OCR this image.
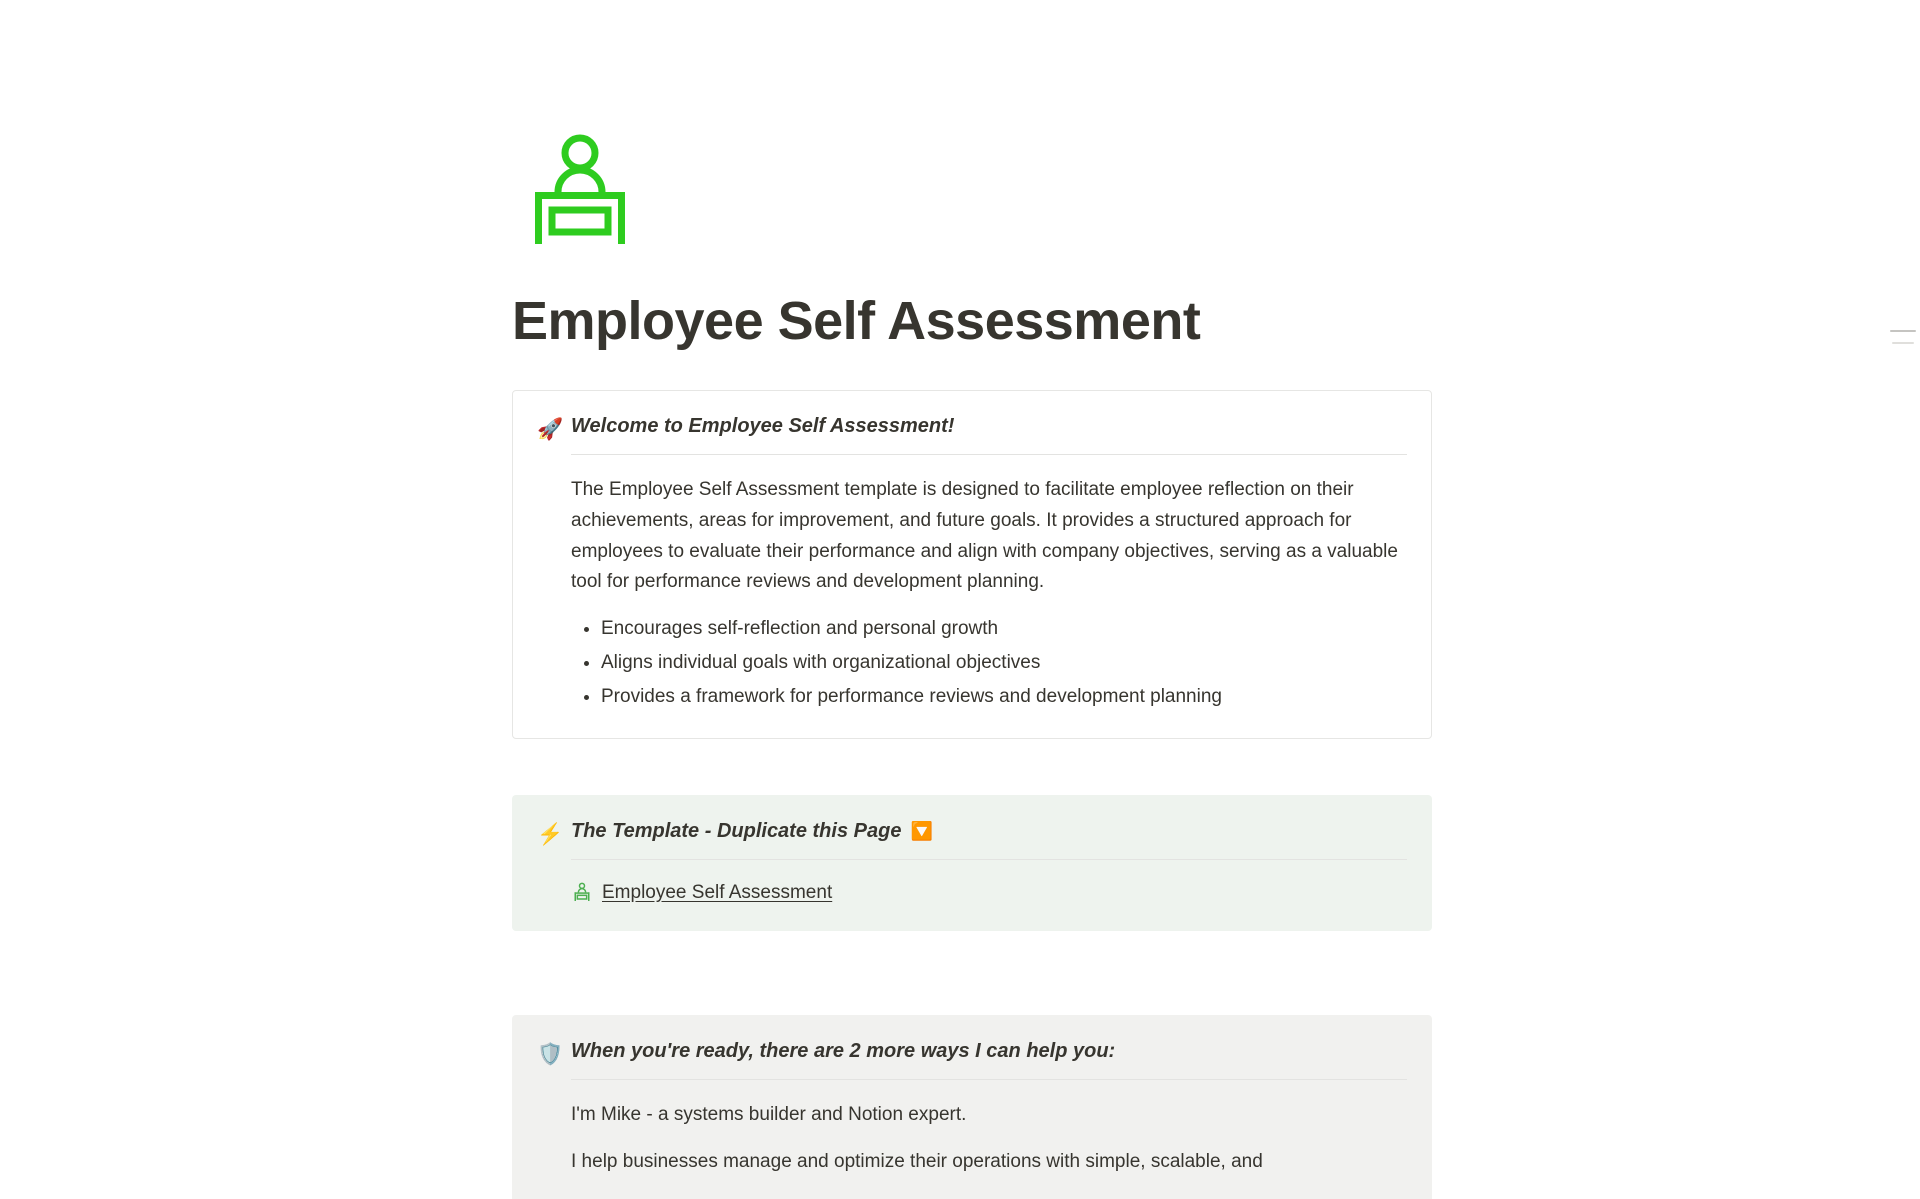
Employee Self Assessment
🚀 Welcome to Employee Self Assessment!

The Employee Self Assessment template is designed to facilitate employee reflection on their achievements, areas for improvement, and future goals. It provides a structured approach for employees to evaluate their performance and align with company objectives, serving as a valuable tool for performance reviews and development planning.

• Encourages self-reflection and personal growth
• Aligns individual goals with organizational objectives
• Provides a framework for performance reviews and development planning
⚡ The Template - Duplicate this Page 🔽
Employee Self Assessment
🛡️ When you're ready, there are 2 more ways I can help you:

I'm Mike - a systems builder and Notion expert.

I help businesses manage and optimize their operations with simple, scalable, and
